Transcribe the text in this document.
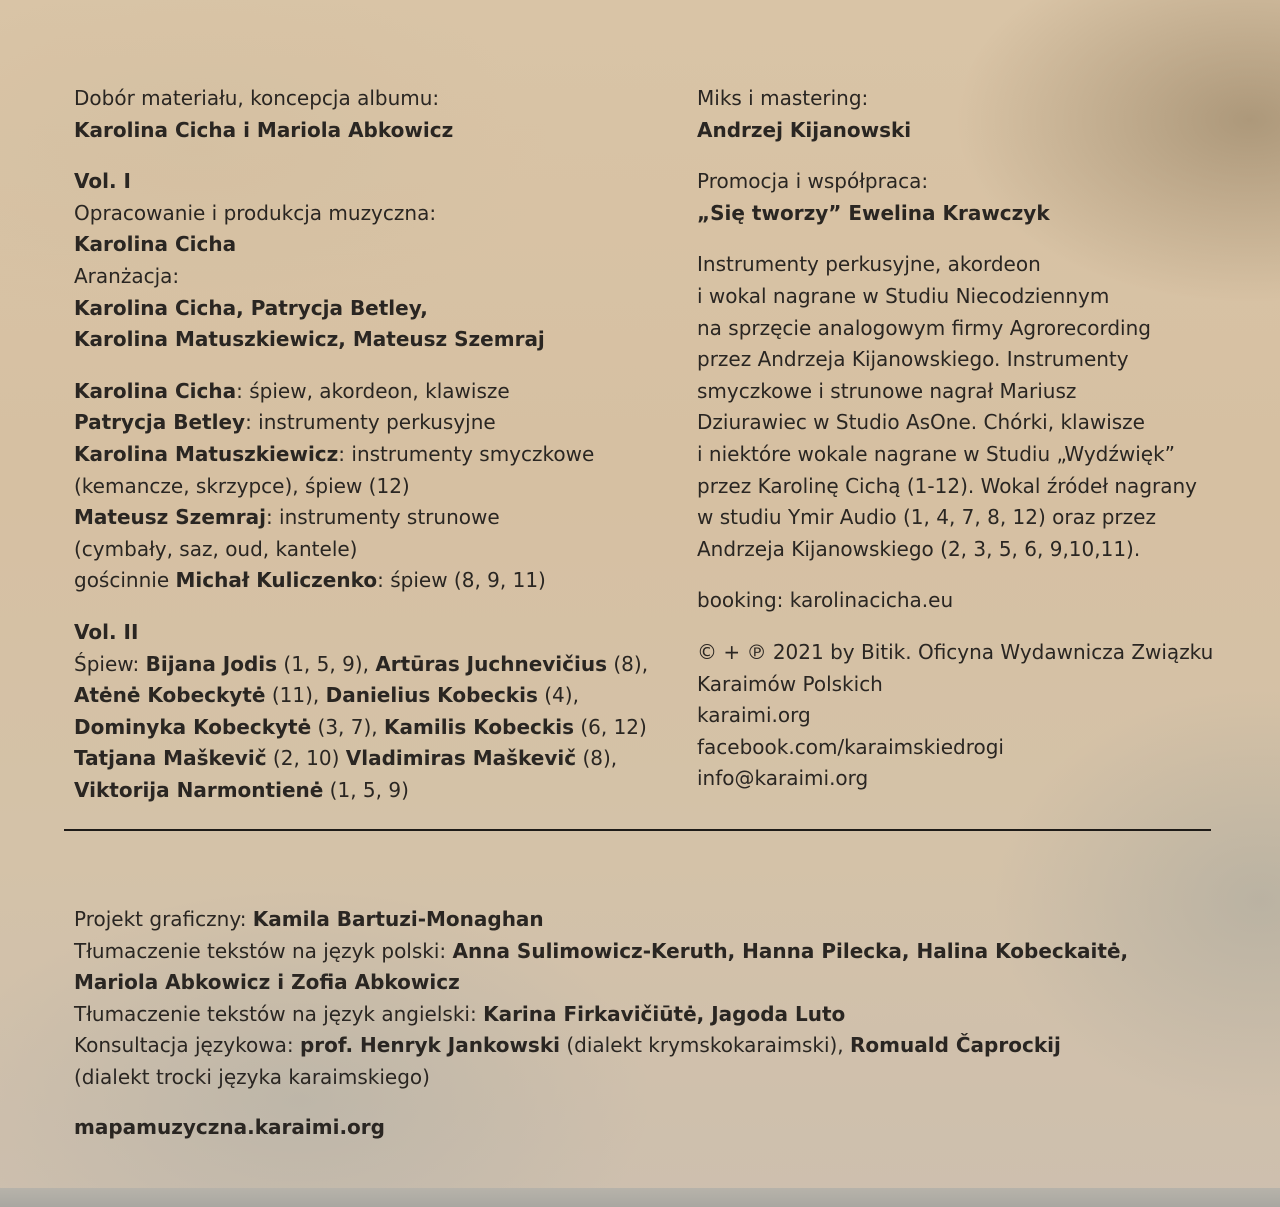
Dobór materiału, koncepcja albumu:
Karolina Cicha i Mariola Abkowicz
Vol. I
Opracowanie i produkcja muzyczna:
Karolina Cicha
Aranżacja:
Karolina Cicha, Patrycja Betley,
Karolina Matuszkiewicz, Mateusz Szemraj
Karolina Cicha: śpiew, akordeon, klawisze
Patrycja Betley: instrumenty perkusyjne
Karolina Matuszkiewicz: instrumenty smyczkowe
(kemancze, skrzypce), śpiew (12)
Mateusz Szemraj: instrumenty strunowe
(cymbały, saz, oud, kantele)
gościnnie Michał Kuliczenko: śpiew (8, 9, 11)
Vol. II
Śpiew: Bijana Jodis (1, 5, 9), Artūras Juchnevičius (8),
Atėnė Kobeckytė (11), Danielius Kobeckis (4),
Dominyka Kobeckytė (3, 7), Kamilis Kobeckis (6, 12)
Tatjana Maškevič (2, 10) Vladimiras Maškevič (8),
Viktorija Narmontienė (1, 5, 9)
Miks i mastering:
Andrzej Kijanowski
Promocja i współpraca:
„Się tworzy” Ewelina Krawczyk
Instrumenty perkusyjne, akordeon
i wokal nagrane w Studiu Niecodziennym
na sprzęcie analogowym firmy Agrorecording
przez Andrzeja Kijanowskiego. Instrumenty
smyczkowe i strunowe nagrał Mariusz
Dziurawiec w Studio AsOne. Chórki, klawisze
i niektóre wokale nagrane w Studiu „Wydźwięk”
przez Karolinę Cichą (1-12). Wokal źródeł nagrany
w studiu Ymir Audio (1, 4, 7, 8, 12) oraz przez
Andrzeja Kijanowskiego (2, 3, 5, 6, 9,10,11).
booking: karolinacicha.eu
© + ℗ 2021 by Bitik. Oficyna Wydawnicza Związku
Karaimów Polskich
karaimi.org
facebook.com/karaimskiedrogi
info@karaimi.org
Projekt graficzny: Kamila Bartuzi-Monaghan
Tłumaczenie tekstów na język polski: Anna Sulimowicz-Keruth, Hanna Pilecka, Halina Kobeckaitė,
Mariola Abkowicz i Zofia Abkowicz
Tłumaczenie tekstów na język angielski: Karina Firkavičiūtė, Jagoda Luto
Konsultacja językowa: prof. Henryk Jankowski (dialekt krymskokaraimski), Romuald Čaprockij
(dialekt trocki języka karaimskiego)
mapamuzyczna.karaimi.org
